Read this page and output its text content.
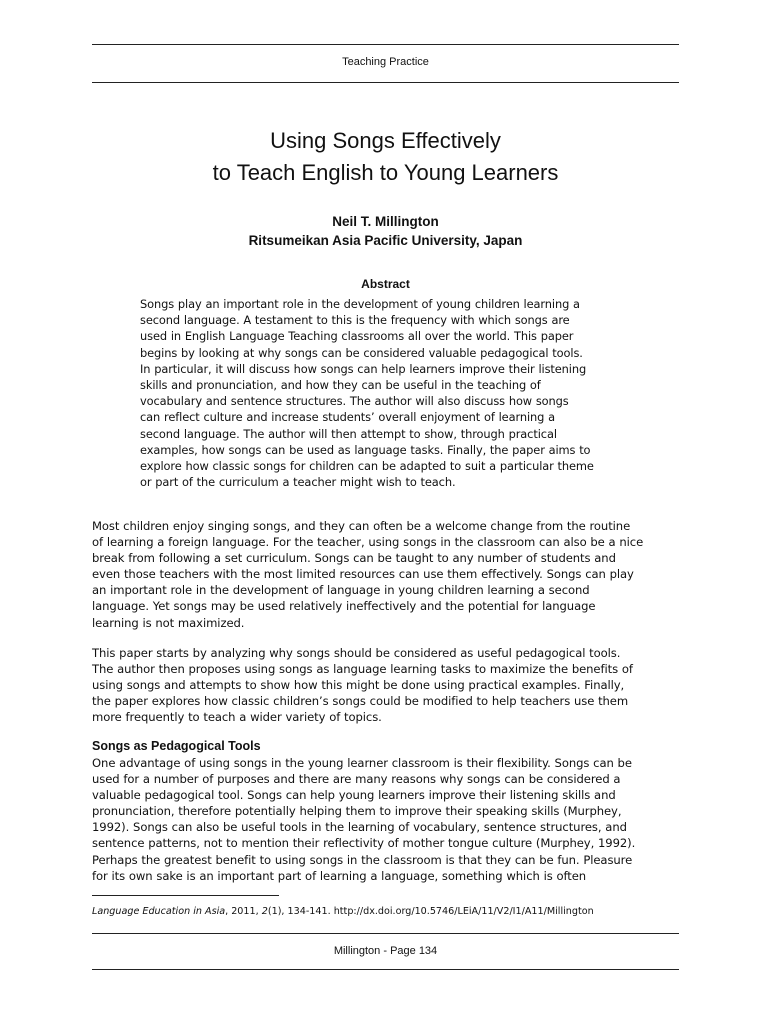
Teaching Practice
Using Songs Effectively
to Teach English to Young Learners
Neil T. Millington
Ritsumeikan Asia Pacific University, Japan
Abstract
Songs play an important role in the development of young children learning a
second language. A testament to this is the frequency with which songs are
used in English Language Teaching classrooms all over the world. This paper
begins by looking at why songs can be considered valuable pedagogical tools.
In particular, it will discuss how songs can help learners improve their listening
skills and pronunciation, and how they can be useful in the teaching of
vocabulary and sentence structures. The author will also discuss how songs
can reflect culture and increase students’ overall enjoyment of learning a
second language. The author will then attempt to show, through practical
examples, how songs can be used as language tasks. Finally, the paper aims to
explore how classic songs for children can be adapted to suit a particular theme
or part of the curriculum a teacher might wish to teach.
Most children enjoy singing songs, and they can often be a welcome change from the routine
of learning a foreign language. For the teacher, using songs in the classroom can also be a nice
break from following a set curriculum. Songs can be taught to any number of students and
even those teachers with the most limited resources can use them effectively. Songs can play
an important role in the development of language in young children learning a second
language. Yet songs may be used relatively ineffectively and the potential for language
learning is not maximized.
This paper starts by analyzing why songs should be considered as useful pedagogical tools.
The author then proposes using songs as language learning tasks to maximize the benefits of
using songs and attempts to show how this might be done using practical examples. Finally,
the paper explores how classic children’s songs could be modified to help teachers use them
more frequently to teach a wider variety of topics.
Songs as Pedagogical Tools
One advantage of using songs in the young learner classroom is their flexibility. Songs can be
used for a number of purposes and there are many reasons why songs can be considered a
valuable pedagogical tool. Songs can help young learners improve their listening skills and
pronunciation, therefore potentially helping them to improve their speaking skills (Murphey,
1992). Songs can also be useful tools in the learning of vocabulary, sentence structures, and
sentence patterns, not to mention their reflectivity of mother tongue culture (Murphey, 1992).
Perhaps the greatest benefit to using songs in the classroom is that they can be fun. Pleasure
for its own sake is an important part of learning a language, something which is often
Language Education in Asia, 2011, 2(1), 134-141. http://dx.doi.org/10.5746/LEiA/11/V2/I1/A11/Millington
Millington - Page 134
